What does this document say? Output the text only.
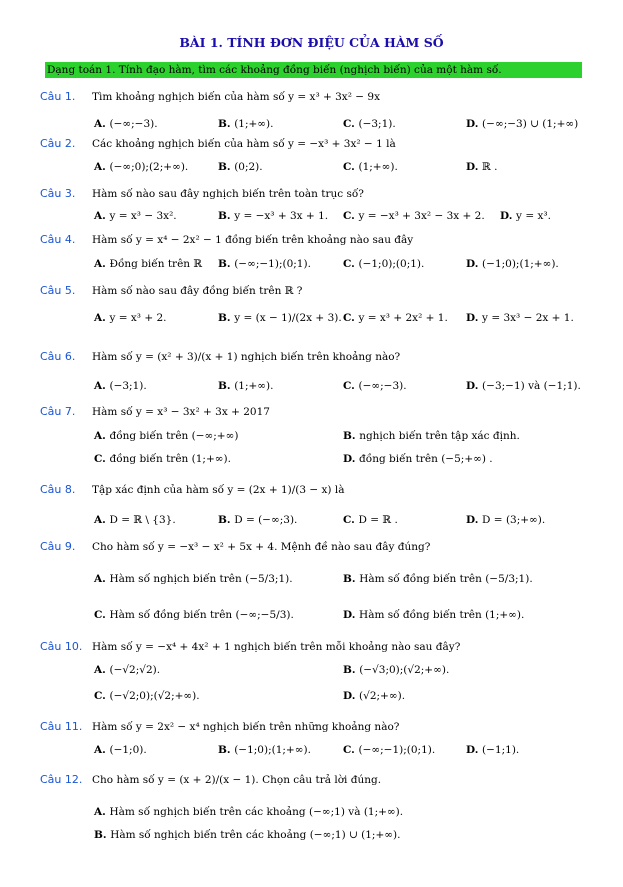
BÀI 1. TÍNH ĐƠN ĐIỆU CỦA HÀM SỐ
Dạng toán 1. Tính đạo hàm, tìm các khoảng đồng biến (nghịch biến) của một hàm số.
Câu 1. Tìm khoảng nghịch biến của hàm số y = x³ + 3x² − 9x
A. (−∞;−3).	B. (1;+∞).	C. (−3;1).	D. (−∞;−3) ∪ (1;+∞)
Câu 2. Các khoảng nghịch biến của hàm số y = −x³ + 3x² − 1 là
A. (−∞;0);(2;+∞).	B. (0;2).	C. (1;+∞).	D. ℝ .
Câu 3. Hàm số nào sau đây nghịch biến trên toàn trục số?
A. y = x³ − 3x².	B. y = −x³ + 3x + 1. C. y = −x³ + 3x² − 3x + 2. D. y = x³.
Câu 4. Hàm số y = x⁴ − 2x² − 1 đồng biến trên khoảng nào sau đây
A. Đồng biến trên ℝ B. (−∞;−1);(0;1).	C. (−1;0);(0;1).	D. (−1;0);(1;+∞).
Câu 5. Hàm số nào sau đây đồng biến trên ℝ ?
A. y = x³ + 2.	B. y = (x − 1)/(2x + 3). C. y = x³ + 2x² + 1. D. y = 3x³ − 2x + 1.
Câu 6. Hàm số y = (x² + 3)/(x + 1) nghịch biến trên khoảng nào?
A. (−3;1).	B. (1;+∞).	C. (−∞;−3).	D. (−3;−1) và (−1;1).
Câu 7. Hàm số y = x³ − 3x² + 3x + 2017
A. đồng biến trên (−∞;+∞)	B. nghịch biến trên tập xác định.
C. đồng biến trên (1;+∞).	D. đồng biến trên (−5;+∞) .
Câu 8. Tập xác định của hàm số y = (2x + 1)/(3 − x) là
A. D = ℝ \ {3}.	B. D = (−∞;3).	C. D = ℝ .	D. D = (3;+∞).
Câu 9. Cho hàm số y = −x³ − x² + 5x + 4. Mệnh đề nào sau đây đúng?
A. Hàm số nghịch biến trên (−5/3;1).	B. Hàm số đồng biến trên (−5/3;1).
C. Hàm số đồng biến trên (−∞;−5/3).	D. Hàm số đồng biến trên (1;+∞).
Câu 10. Hàm số y = −x⁴ + 4x² + 1 nghịch biến trên mỗi khoảng nào sau đây?
A. (−√2;√2).	B. (−√3;0);(√2;+∞).
C. (−√2;0);(√2;+∞).	D. (√2;+∞).
Câu 11. Hàm số y = 2x² − x⁴ nghịch biến trên những khoảng nào?
A. (−1;0).	B. (−1;0);(1;+∞).	C. (−∞;−1);(0;1).	D. (−1;1).
Câu 12. Cho hàm số y = (x + 2)/(x − 1). Chọn câu trả lời đúng.
A. Hàm số nghịch biến trên các khoảng (−∞;1) và (1;+∞).
B. Hàm số nghịch biến trên các khoảng (−∞;1) ∪ (1;+∞).
